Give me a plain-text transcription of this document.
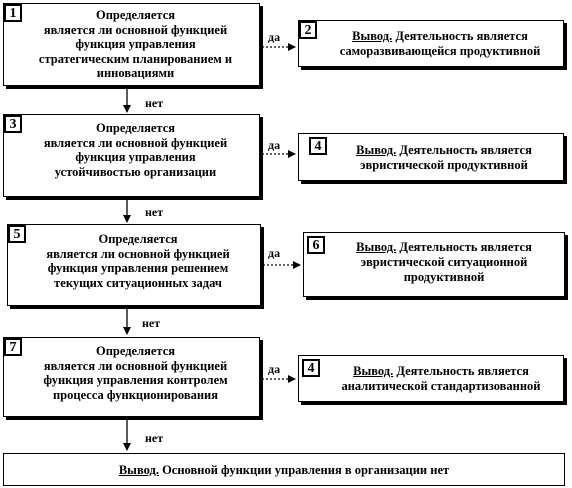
1	Определяется
является ли основной функцией
функция управления
стратегическим планированием и
инновациями
да
нет
2	Вывод. Деятельность является саморазвивающейся продуктивной
3	Определяется
является ли основной функцией
функция управления
устойчивостью организации
да
нет
4	Вывод. Деятельность является эвристической продуктивной
5	Определяется
является ли основной функцией
функция управления решением
текущих ситуационных задач
да
нет
6	Вывод. Деятельность является эвристической ситуационной продуктивной
7	Определяется
является ли основной функцией
функция управления контролем
процесса функционирования
да
нет
4	Вывод. Деятельность является аналитической стандартизованной
Вывод. Основной функции управления в организации нет
